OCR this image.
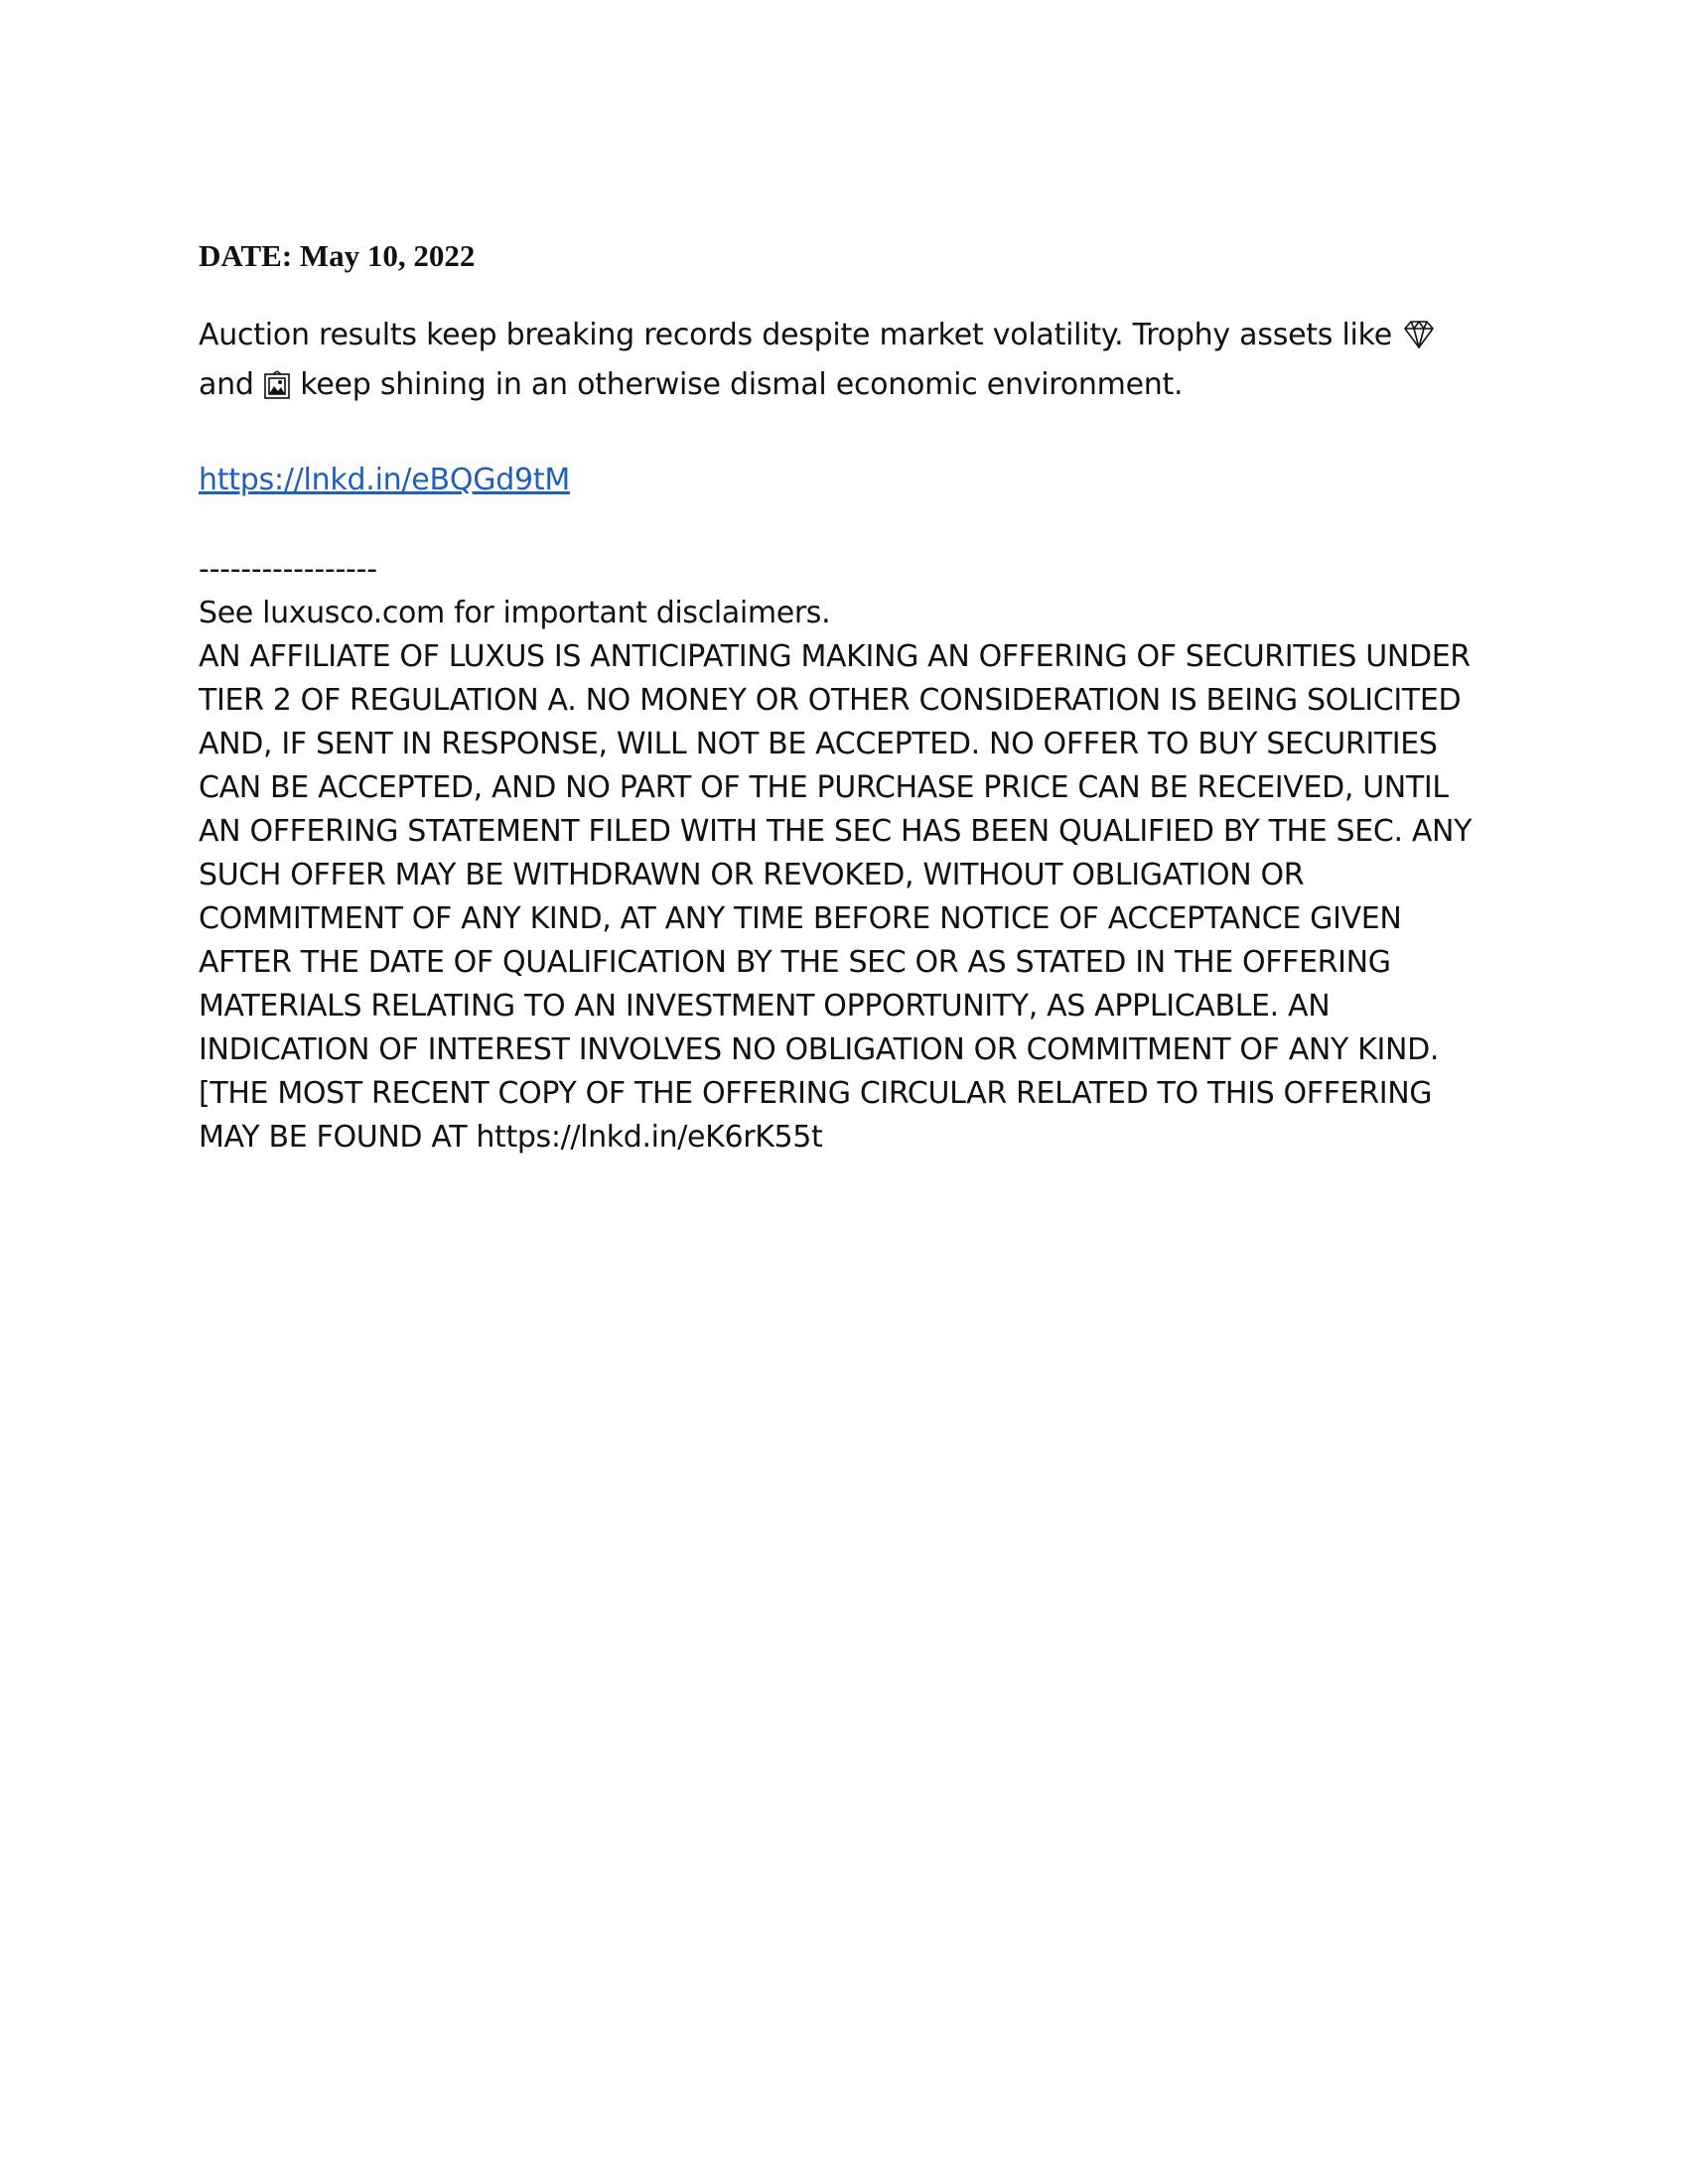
DATE: May 10, 2022

Auction results keep breaking records despite market volatility. Trophy assets like
and keep shining in an otherwise dismal economic environment.

https://lnkd.in/eBQGd9tM

-----------------

See luxusco.com for important disclaimers.

AN AFFILIATE OF LUXUS IS ANTICIPATING MAKING AN OFFERING OF SECURITIES UNDER TIER 2 OF REGULATION A. NO MONEY OR OTHER CONSIDERATION IS BEING SOLICITED AND, IF SENT IN RESPONSE, WILL NOT BE ACCEPTED. NO OFFER TO BUY SECURITIES CAN BE ACCEPTED, AND NO PART OF THE PURCHASE PRICE CAN BE RECEIVED, UNTIL AN OFFERING STATEMENT FILED WITH THE SEC HAS BEEN QUALIFIED BY THE SEC. ANY SUCH OFFER MAY BE WITHDRAWN OR REVOKED, WITHOUT OBLIGATION OR COMMITMENT OF ANY KIND, AT ANY TIME BEFORE NOTICE OF ACCEPTANCE GIVEN AFTER THE DATE OF QUALIFICATION BY THE SEC OR AS STATED IN THE OFFERING MATERIALS RELATING TO AN INVESTMENT OPPORTUNITY, AS APPLICABLE. AN INDICATION OF INTEREST INVOLVES NO OBLIGATION OR COMMITMENT OF ANY KIND.[THE MOST RECENT COPY OF THE OFFERING CIRCULAR RELATED TO THIS OFFERING MAY BE FOUND AT https://lnkd.in/eK6rK55t
